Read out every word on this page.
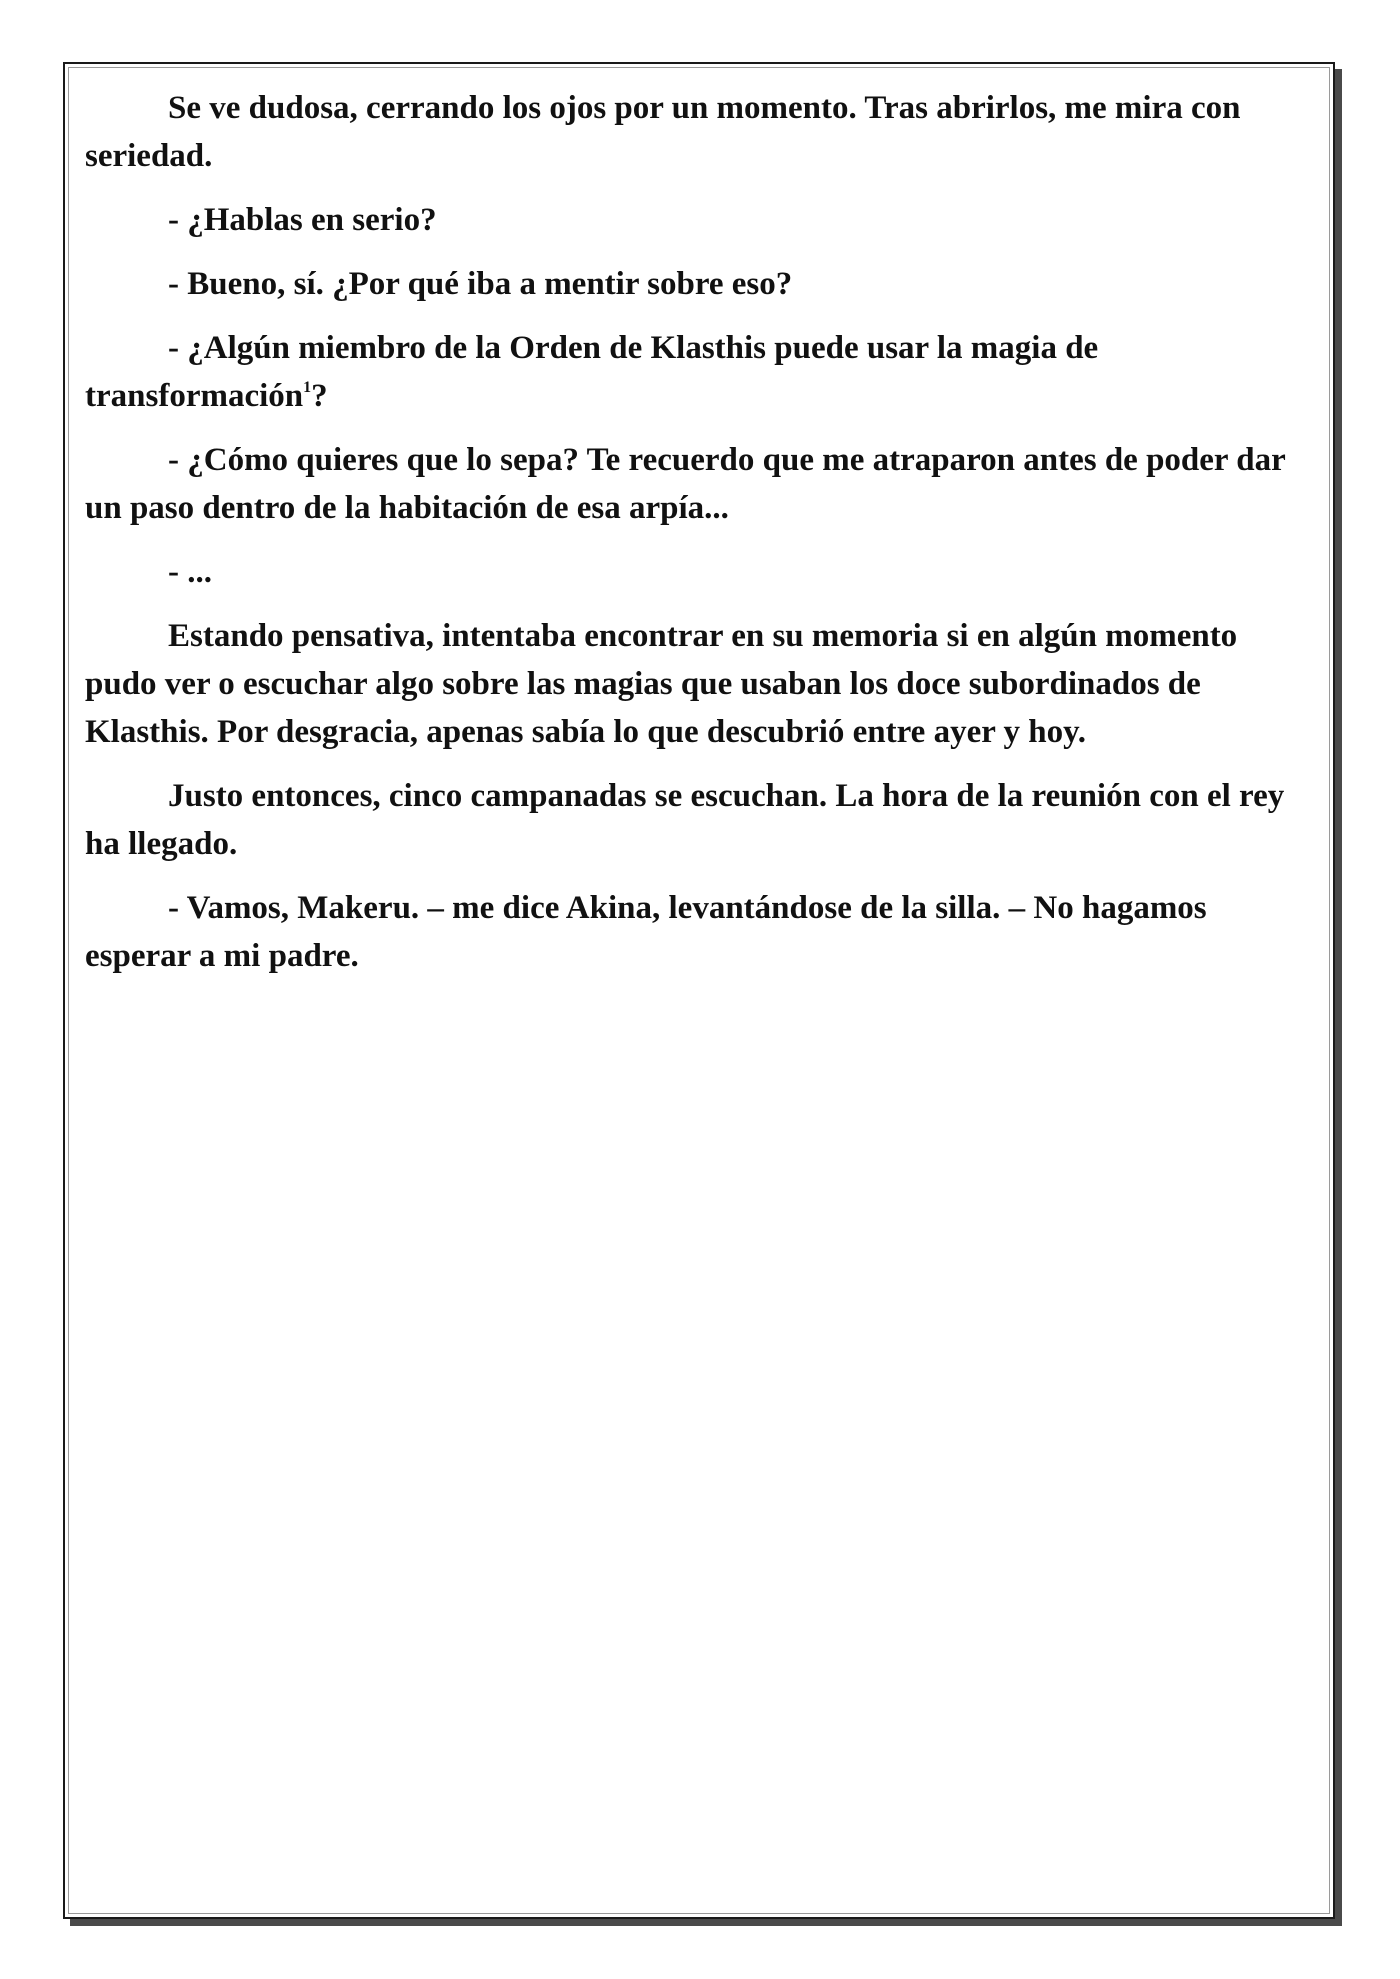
Se ve dudosa, cerrando los ojos por un momento. Tras abrirlos, me mira con seriedad.

- ¿Hablas en serio?

- Bueno, sí. ¿Por qué iba a mentir sobre eso?

- ¿Algún miembro de la Orden de Klasthis puede usar la magia de transformación$^1$?

- ¿Cómo quieres que lo sepa? Te recuerdo que me atraparon antes de poder dar un paso dentro de la habitación de esa arpía...

- ...

Estando pensativa, intentaba encontrar en su memoria si en algún momento pudo ver o escuchar algo sobre las magias que usaban los doce subordinados de Klasthis. Por desgracia, apenas sabía lo que descubrió entre ayer y hoy.

Justo entonces, cinco campanadas se escuchan. La hora de la reunión con el rey ha llegado.

- Vamos, Makeru. – me dice Akina, levantándose de la silla. – No hagamos esperar a mi padre.
